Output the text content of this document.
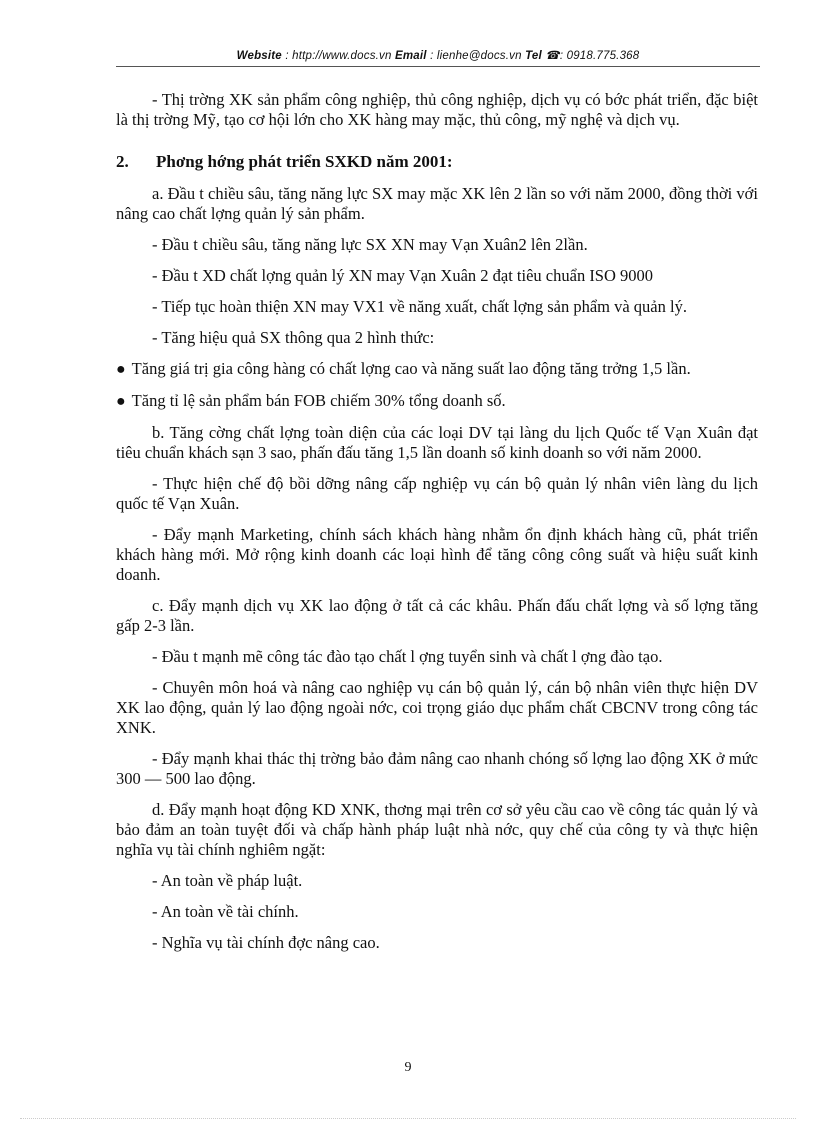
Website : http://www.docs.vn Email : lienhe@docs.vn Tel ☎: 0918.775.368

- Thị trờng XK sản phẩm công nghiệp, thủ công nghiệp, dịch vụ có bớc phát triển, đặc biệt là thị trờng Mỹ, tạo cơ hội lớn cho XK hàng may mặc, thủ công, mỹ nghệ và dịch vụ.

2. Phơng hớng phát triển SXKD năm 2001:

a. Đầu t chiều sâu, tăng năng lực SX may mặc XK lên 2 lần so với năm 2000, đồng thời với nâng cao chất lợng quản lý sản phẩm.

- Đầu t chiều sâu, tăng năng lực SX XN may Vạn Xuân2 lên 2lần.

- Đầu t XD chất lợng quản lý XN may Vạn Xuân 2 đạt tiêu chuẩn ISO 9000

- Tiếp tục hoàn thiện XN may VX1 về năng xuất, chất lợng sản phẩm và quản lý.

- Tăng hiệu quả SX thông qua 2 hình thức:

● Tăng giá trị gia công hàng có chất lợng cao và năng suất lao động tăng trởng 1,5 lần.

● Tăng tỉ lệ sản phẩm bán FOB chiếm 30% tổng doanh số.

b. Tăng cờng chất lợng toàn diện của các loại DV tại làng du lịch Quốc tế Vạn Xuân đạt tiêu chuẩn khách sạn 3 sao, phấn đấu tăng 1,5 lần doanh số kinh doanh so với năm 2000.

- Thực hiện chế độ bồi dỡng nâng cấp nghiệp vụ cán bộ quản lý nhân viên làng du lịch quốc tế Vạn Xuân.

- Đẩy mạnh Marketing, chính sách khách hàng nhằm ổn định khách hàng cũ, phát triển khách hàng mới. Mở rộng kinh doanh các loại hình để tăng công công suất và hiệu suất kinh doanh.

c. Đẩy mạnh dịch vụ XK lao động ở tất cả các khâu. Phấn đấu chất lợng và số lợng tăng gấp 2-3 lần.

- Đầu t mạnh mẽ công tác đào tạo chất l ợng tuyển sinh và chất l ợng đào tạo.

- Chuyên môn hoá và nâng cao nghiệp vụ cán bộ quản lý, cán bộ nhân viên thực hiện DV XK lao động, quản lý lao động ngoài nớc, coi trọng giáo dục phẩm chất CBCNV trong công tác XNK.

- Đẩy mạnh khai thác thị trờng bảo đảm nâng cao nhanh chóng số lợng lao động XK ở mức 300 — 500 lao động.

d. Đẩy mạnh hoạt động KD XNK, thơng mại trên cơ sở yêu cầu cao về công tác quản lý và bảo đảm an toàn tuyệt đối và chấp hành pháp luật nhà nớc, quy chế của công ty và thực hiện nghĩa vụ tài chính nghiêm ngặt:

- An toàn về pháp luật.

- An toàn về tài chính.

- Nghĩa vụ tài chính đợc nâng cao.

9
